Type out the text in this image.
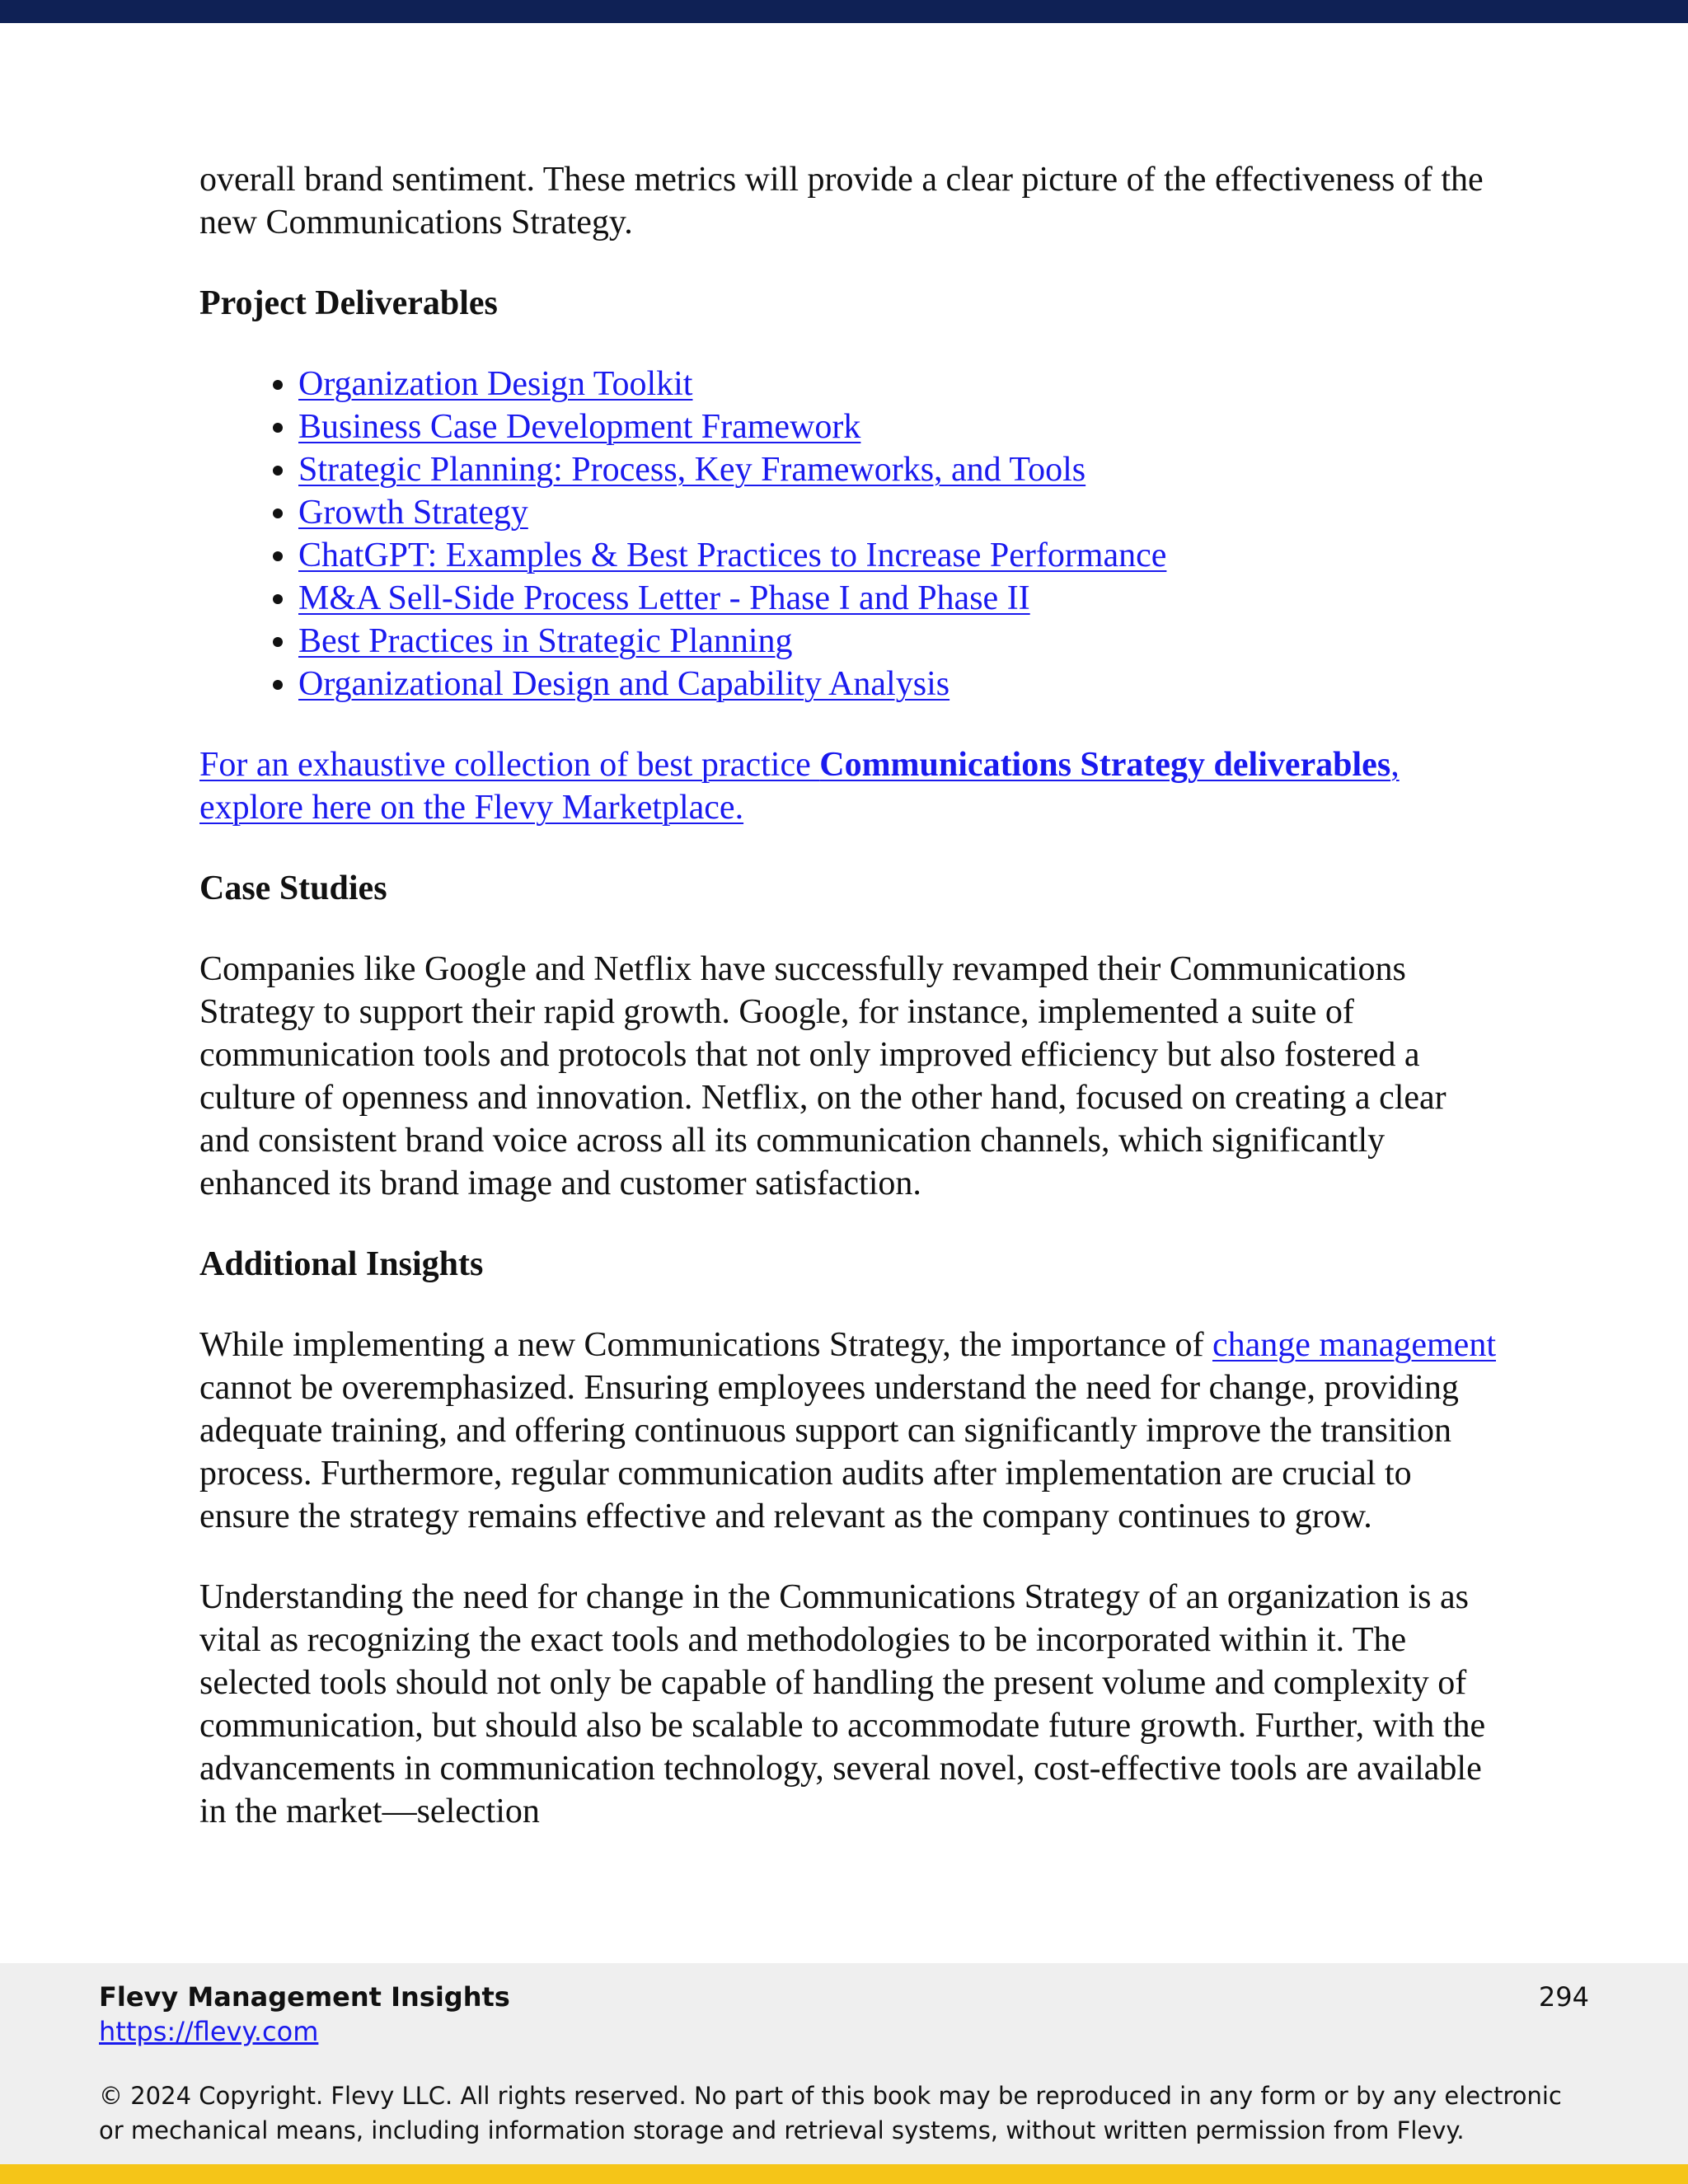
overall brand sentiment. These metrics will provide a clear picture of the effectiveness of the new Communications Strategy.

Project Deliverables
• Organization Design Toolkit
• Business Case Development Framework
• Strategic Planning: Process, Key Frameworks, and Tools
• Growth Strategy
• ChatGPT: Examples & Best Practices to Increase Performance
• M&A Sell-Side Process Letter - Phase I and Phase II
• Best Practices in Strategic Planning
• Organizational Design and Capability Analysis

For an exhaustive collection of best practice Communications Strategy deliverables, explore here on the Flevy Marketplace.

Case Studies

Companies like Google and Netflix have successfully revamped their Communications Strategy to support their rapid growth. Google, for instance, implemented a suite of communication tools and protocols that not only improved efficiency but also fostered a culture of openness and innovation. Netflix, on the other hand, focused on creating a clear and consistent brand voice across all its communication channels, which significantly enhanced its brand image and customer satisfaction.

Additional Insights

While implementing a new Communications Strategy, the importance of change management cannot be overemphasized. Ensuring employees understand the need for change, providing adequate training, and offering continuous support can significantly improve the transition process. Furthermore, regular communication audits after implementation are crucial to ensure the strategy remains effective and relevant as the company continues to grow.

Understanding the need for change in the Communications Strategy of an organization is as vital as recognizing the exact tools and methodologies to be incorporated within it. The selected tools should not only be capable of handling the present volume and complexity of communication, but should also be scalable to accommodate future growth. Further, with the advancements in communication technology, several novel, cost-effective tools are available in the market—selection

Flevy Management Insights
https://flevy.com
294
© 2024 Copyright. Flevy LLC. All rights reserved. No part of this book may be reproduced in any form or by any electronic or mechanical means, including information storage and retrieval systems, without written permission from Flevy.
